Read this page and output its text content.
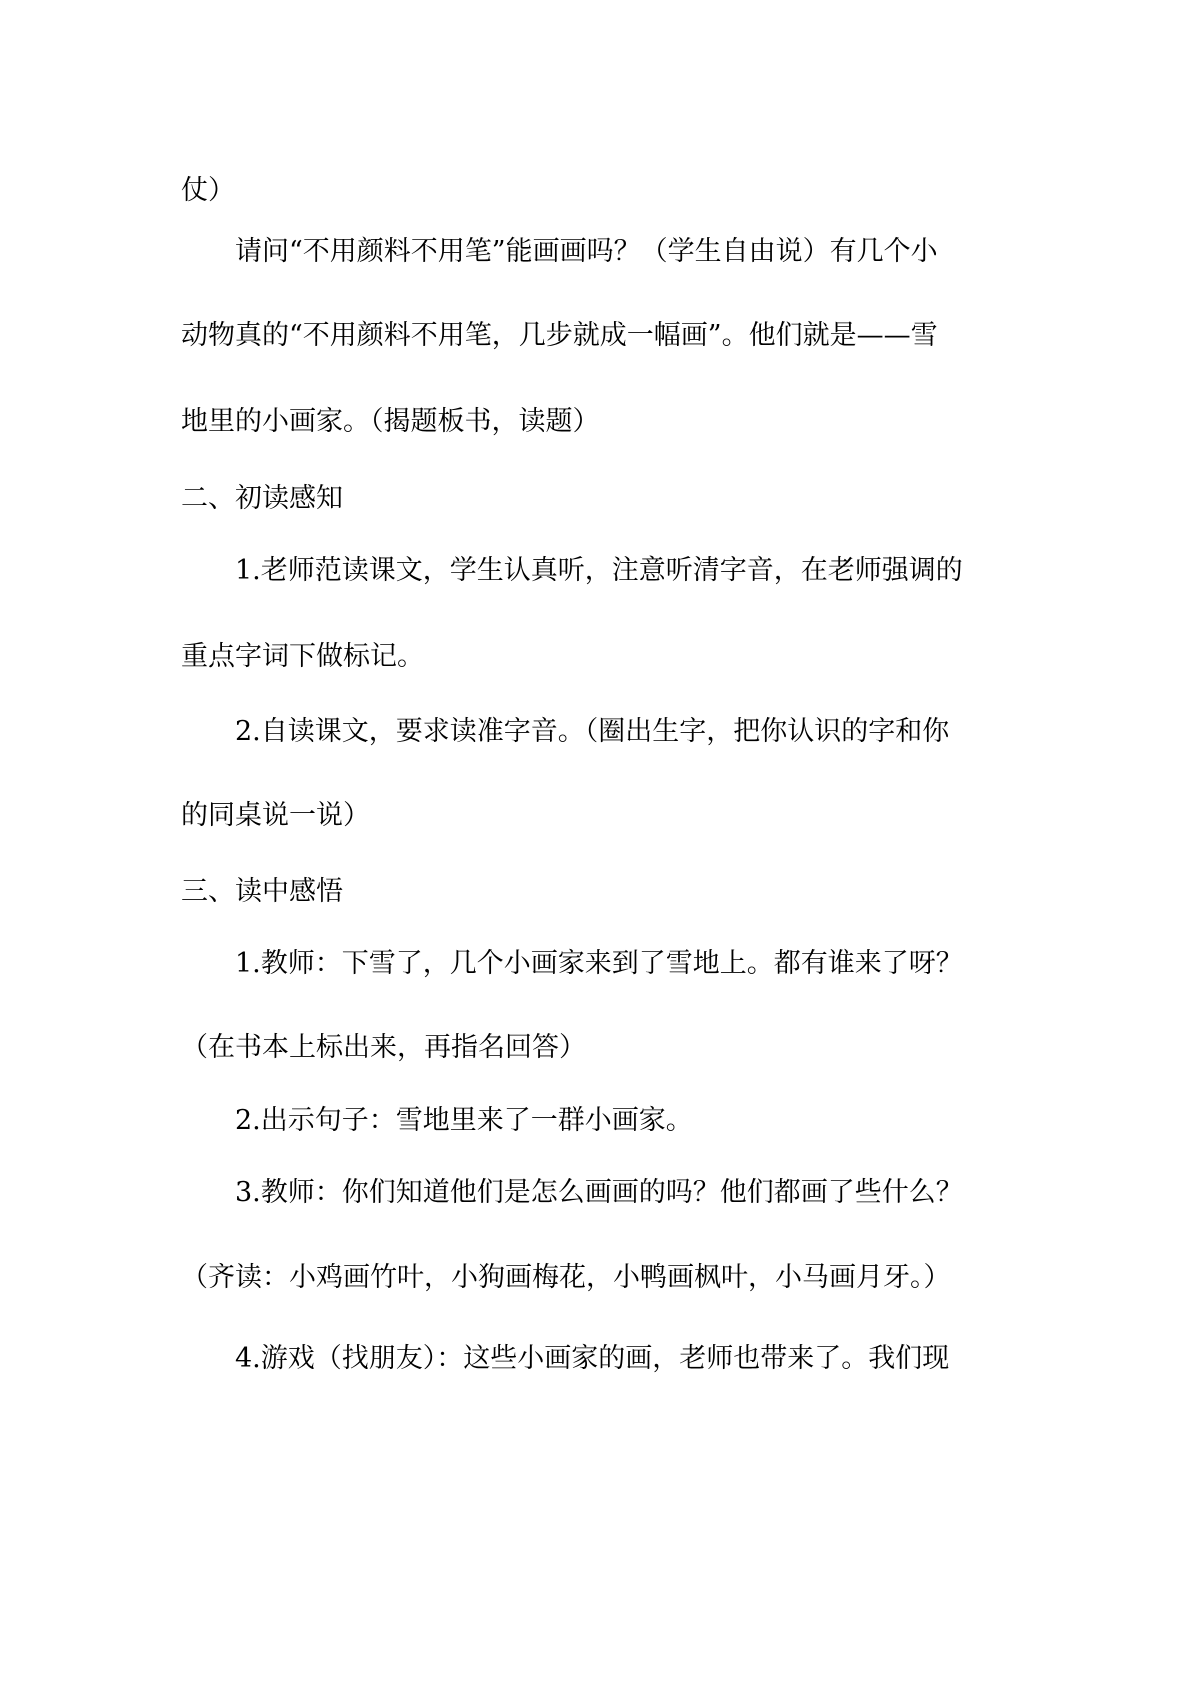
仗）
请问“不用颜料不用笔”能画画吗？（学生自由说）有几个小
动物真的“不用颜料不用笔，几步就成一幅画”。他们就是——雪
地里的小画家。（揭题板书，读题）
二、初读感知
1.老师范读课文，学生认真听，注意听清字音，在老师强调的
重点字词下做标记。
2.自读课文，要求读准字音。（圈出生字，把你认识的字和你
的同桌说一说）
三、读中感悟
1.教师：下雪了，几个小画家来到了雪地上。都有谁来了呀？
（在书本上标出来，再指名回答）
2.出示句子：雪地里来了一群小画家。
3.教师：你们知道他们是怎么画画的吗？他们都画了些什么？
（齐读：小鸡画竹叶，小狗画梅花，小鸭画枫叶，小马画月牙。）
4.游戏（找朋友）：这些小画家的画，老师也带来了。我们现
